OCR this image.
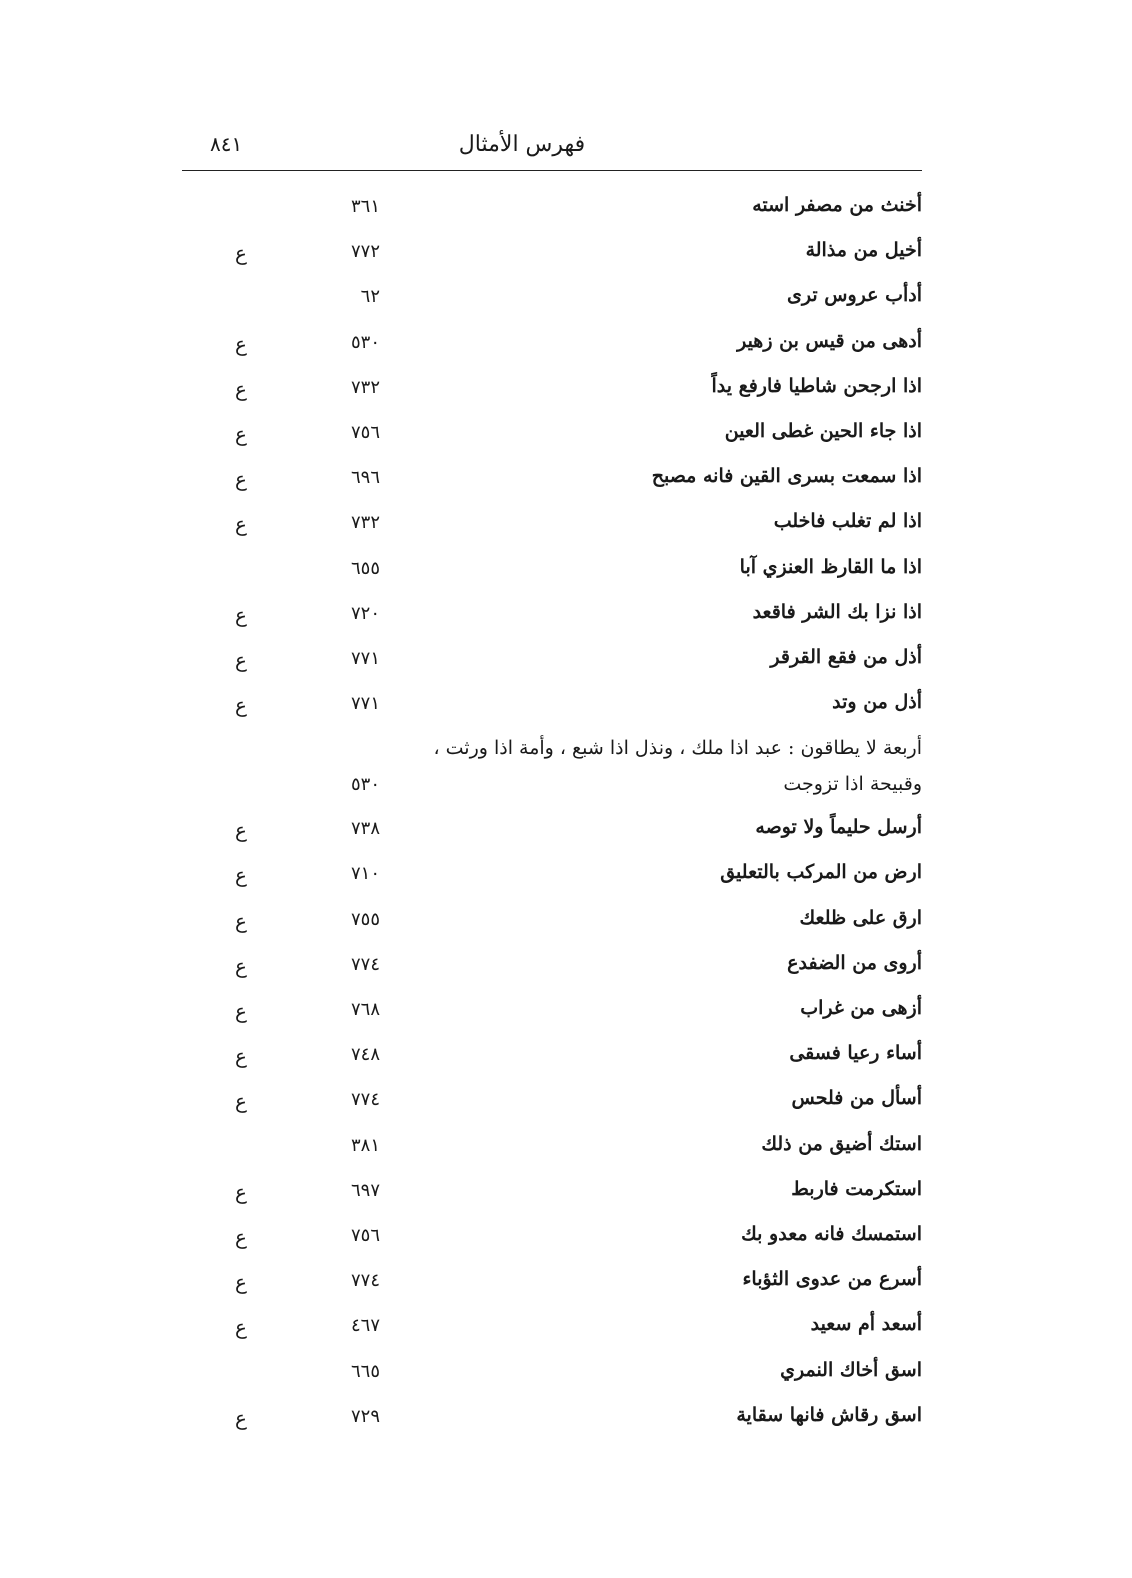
٨٤١	فهرس الأمثال
أخنث من مصفر استه
٣٦١
أخيل من مذالة
٧٧٢
ع
أدأب عروس ترى
٦٢
أدهى من قيس بن زهير
٥٣٠
ع
اذا ارجحن شاطيا فارفع يداً
٧٣٢
ع
اذا جاء الحين غطى العين
٧٥٦
ع
اذا سمعت بسرى القين فانه مصبح
٦٩٦
ع
اذا لم تغلب فاخلب
٧٣٢
ع
اذا ما القارظ العنزي آبا
٦٥٥
اذا نزا بك الشر فاقعد
٧٢٠
ع
أذل من فقع القرقر
٧٧١
ع
أذل من وتد
٧٧١
ع
أربعة لا يطاقون : عبد اذا ملك ، ونذل اذا شبع ، وأمة اذا ورثت ، وقبيحة اذا تزوجت
٥٣٠
أرسل حليماً ولا توصه
٧٣٨
ع
ارض من المركب بالتعليق
٧١٠
ع
ارق على ظلعك
٧٥٥
ع
أروى من الضفدع
٧٧٤
ع
أزهى من غراب
٧٦٨
ع
أساء رعيا فسقى
٧٤٨
ع
أسأل من فلحس
٧٧٤
ع
استك أضيق من ذلك
٣٨١
استكرمت فاربط
٦٩٧
ع
استمسك فانه معدو بك
٧٥٦
ع
أسرع من عدوى الثؤباء
٧٧٤
ع
أسعد أم سعيد
٤٦٧
ع
اسق أخاك النمري
٦٦٥
اسق رقاش فانها سقاية
٧٢٩
ع
